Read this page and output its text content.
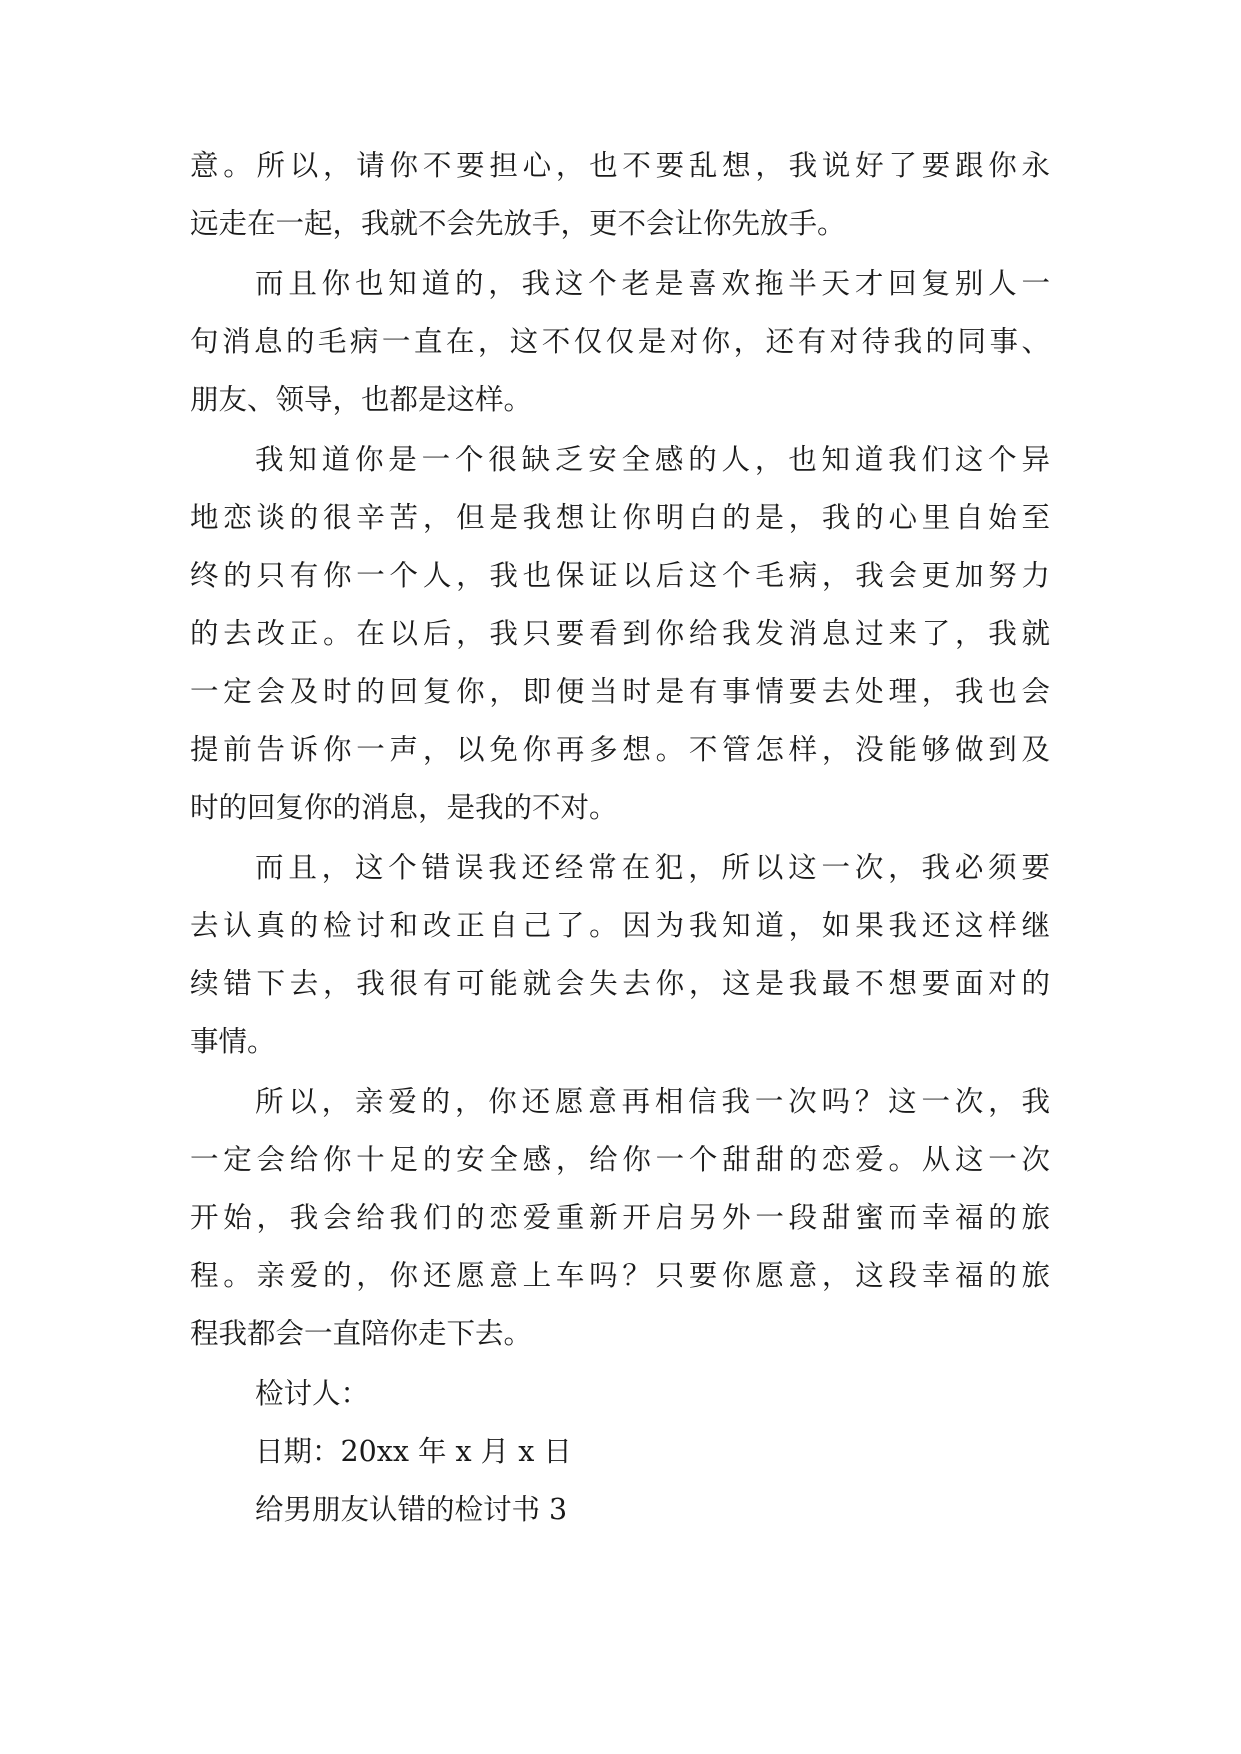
意。所以，请你不要担心，也不要乱想，我说好了要跟你永

远走在一起，我就不会先放手，更不会让你先放手。

而且你也知道的，我这个老是喜欢拖半天才回复别人一

句消息的毛病一直在，这不仅仅是对你，还有对待我的同事、

朋友、领导，也都是这样。

我知道你是一个很缺乏安全感的人，也知道我们这个异

地恋谈的很辛苦，但是我想让你明白的是，我的心里自始至

终的只有你一个人，我也保证以后这个毛病，我会更加努力

的去改正。在以后，我只要看到你给我发消息过来了，我就

一定会及时的回复你，即便当时是有事情要去处理，我也会

提前告诉你一声，以免你再多想。不管怎样，没能够做到及

时的回复你的消息，是我的不对。

而且，这个错误我还经常在犯，所以这一次，我必须要

去认真的检讨和改正自己了。因为我知道，如果我还这样继

续错下去，我很有可能就会失去你，这是我最不想要面对的

事情。

所以，亲爱的，你还愿意再相信我一次吗？这一次，我

一定会给你十足的安全感，给你一个甜甜的恋爱。从这一次

开始，我会给我们的恋爱重新开启另外一段甜蜜而幸福的旅

程。亲爱的，你还愿意上车吗？只要你愿意，这段幸福的旅

程我都会一直陪你走下去。

检讨人：

日期：20xx 年 x 月 x 日

给男朋友认错的检讨书 3
